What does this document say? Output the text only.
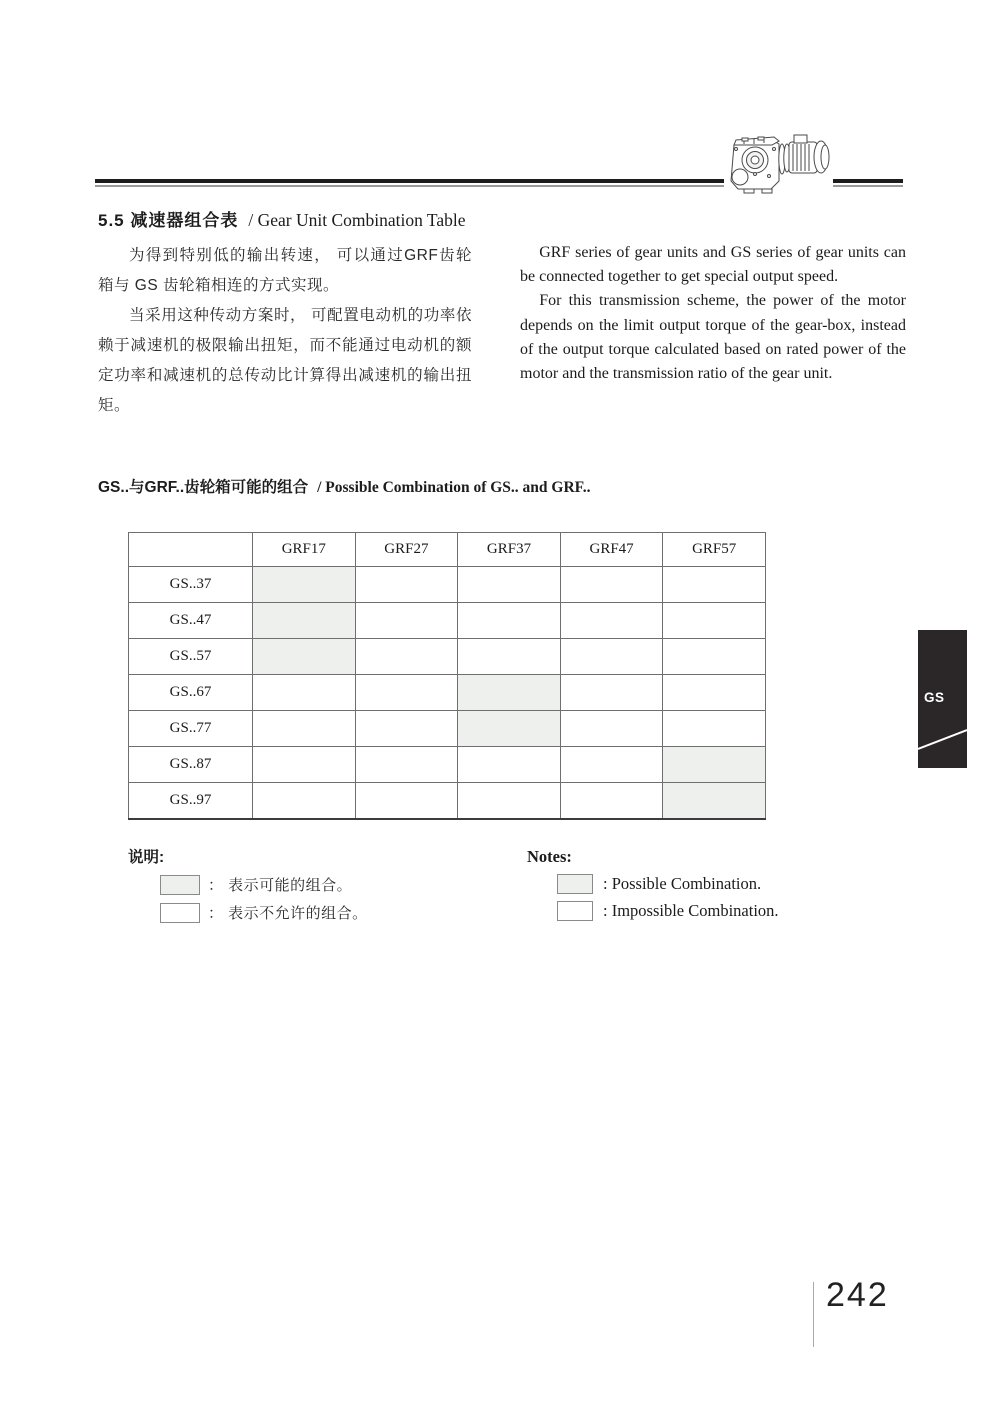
5.5 减速器组合表 / Gear Unit Combination Table

为得到特别低的输出转速， 可以通过GRF齿轮箱与 GS 齿轮箱相连的方式实现。

当采用这种传动方案时， 可配置电动机的功率依赖于减速机的极限输出扭矩，而不能通过电动机的额定功率和减速机的总传动比计算得出减速机的输出扭矩。

GRF series of gear units and GS series of gear units can be connected together to get special output speed.

For this transmission scheme, the power of the motor depends on the limit output torque of the gear-box, instead of the output torque calculated based on rated power of the motor and the transmission ratio of the gear unit.

GS..与GRF..齿轮箱可能的组合 / Possible Combination of GS.. and GRF..
	GRF17	GRF27	GRF37	GRF47	GRF57
GS..37					
GS..47					
GS..57					
GS..67					
GS..77					
GS..87					
GS..97					
说明:
： 表示可能的组合。
： 表示不允许的组合。
Notes:
: Possible Combination.
: Impossible Combination.
GS
242
